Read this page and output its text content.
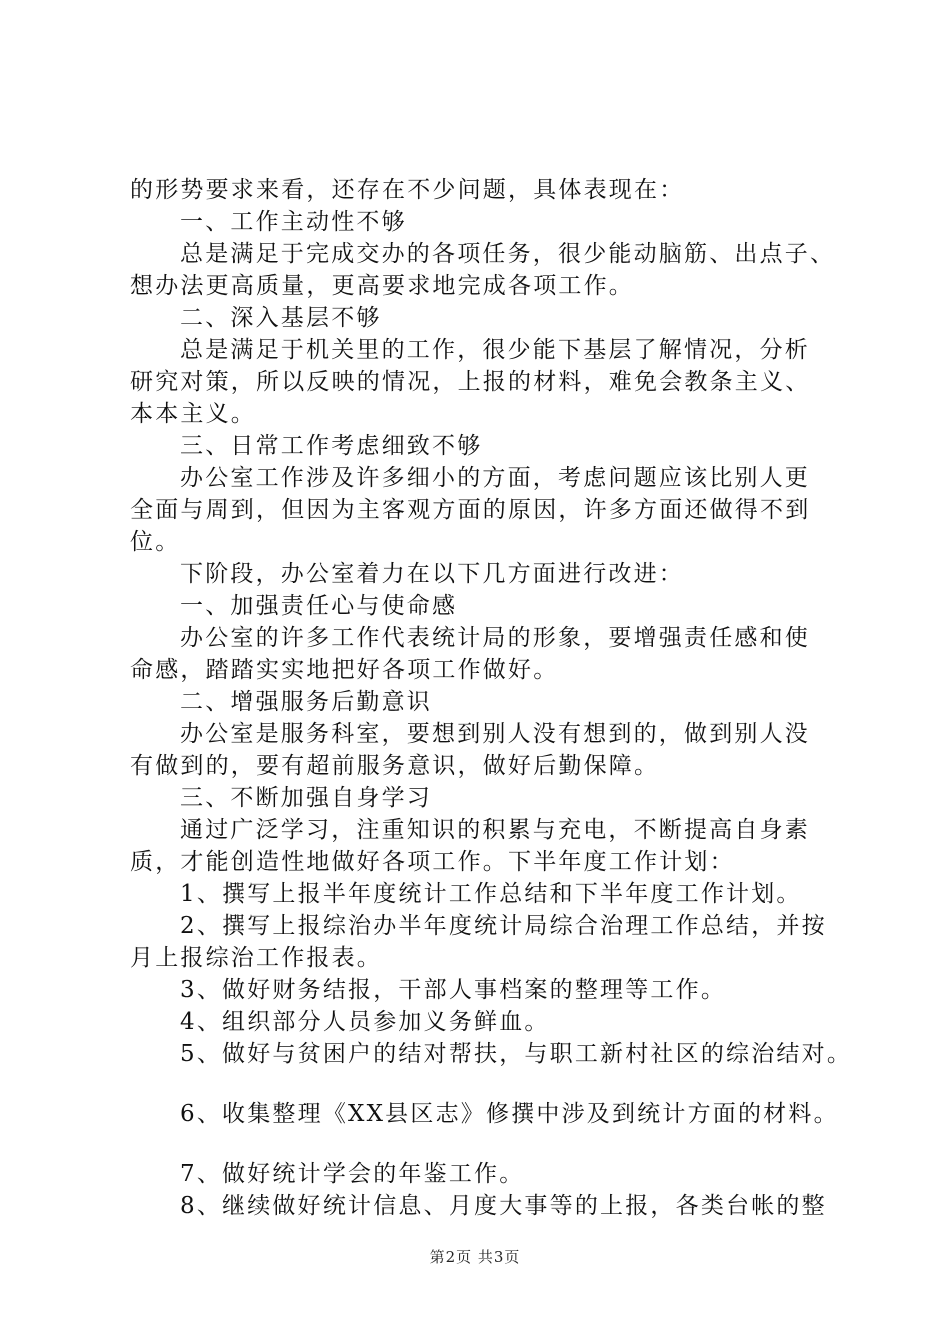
的形势要求来看，还存在不少问题，具体表现在：
一、工作主动性不够
总是满足于完成交办的各项任务，很少能动脑筋、出点子、
想办法更高质量，更高要求地完成各项工作。
二、深入基层不够
总是满足于机关里的工作，很少能下基层了解情况，分析
研究对策，所以反映的情况，上报的材料，难免会教条主义、
本本主义。
三、日常工作考虑细致不够
办公室工作涉及许多细小的方面，考虑问题应该比别人更
全面与周到，但因为主客观方面的原因，许多方面还做得不到
位。
下阶段，办公室着力在以下几方面进行改进：
一、加强责任心与使命感
办公室的许多工作代表统计局的形象，要增强责任感和使
命感，踏踏实实地把好各项工作做好。
二、增强服务后勤意识
办公室是服务科室，要想到别人没有想到的，做到别人没
有做到的，要有超前服务意识，做好后勤保障。
三、不断加强自身学习
通过广泛学习，注重知识的积累与充电，不断提高自身素
质，才能创造性地做好各项工作。下半年度工作计划：
1、撰写上报半年度统计工作总结和下半年度工作计划。
2、撰写上报综治办半年度统计局综合治理工作总结，并按
月上报综治工作报表。
3、做好财务结报，干部人事档案的整理等工作。
4、组织部分人员参加义务鲜血。
5、做好与贫困户的结对帮扶，与职工新村社区的综治结对。
6、收集整理《XX县区志》修撰中涉及到统计方面的材料。
7、做好统计学会的年鉴工作。
8、继续做好统计信息、月度大事等的上报，各类台帐的整
第2页 共3页
